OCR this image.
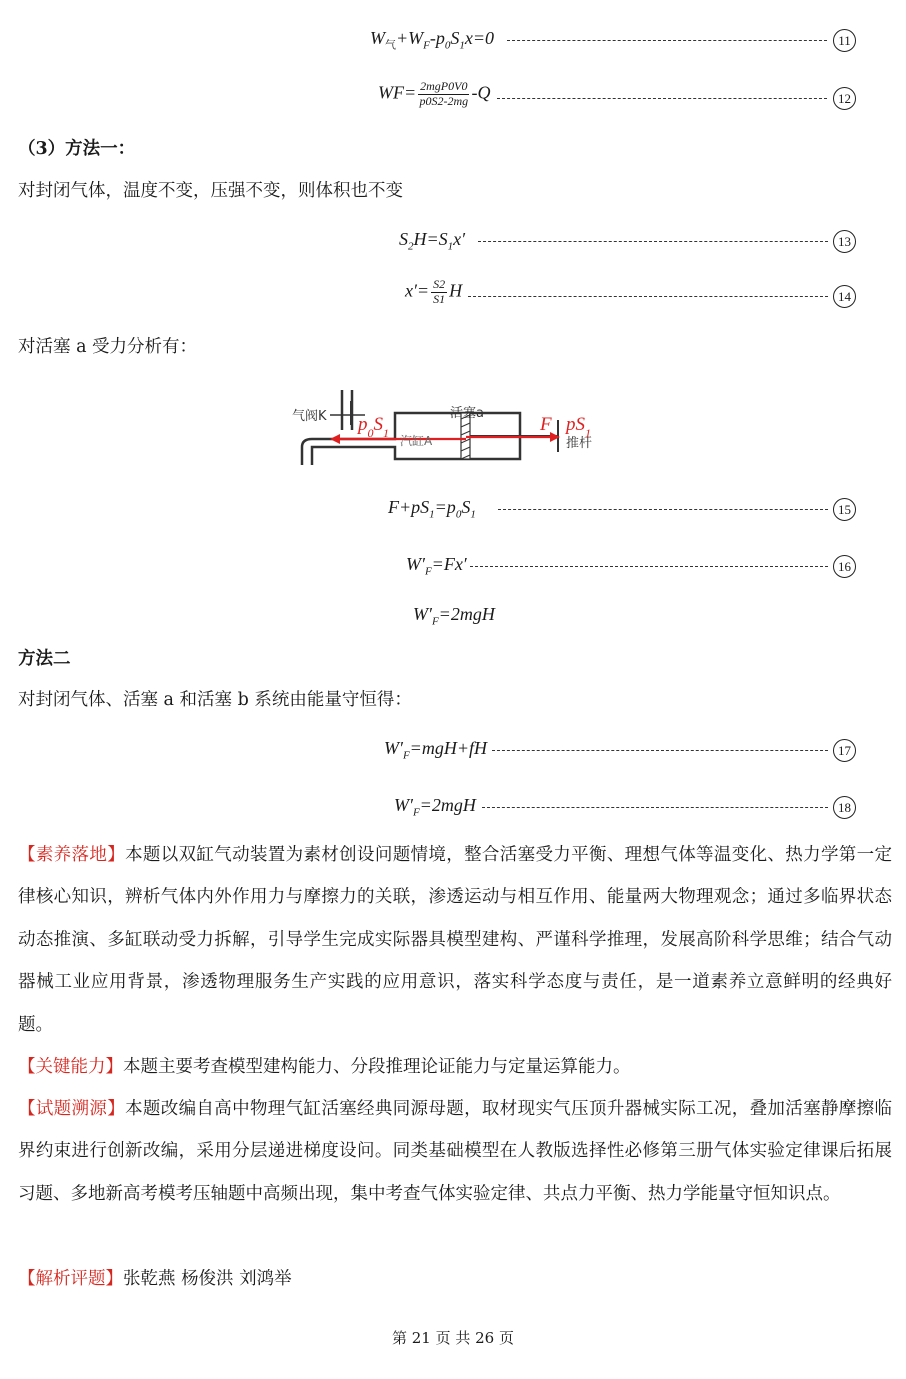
$W_气+W_F-p_0S_1x=0$	11
$WF= \frac{\text{2mgP0V0}}{p0S2-2mg} -Q$	12
（3）方法一：
对封闭气体，温度不变，压强不变，则体积也不变
$S_2H=S_1x'$	13
$x'= \frac{S2}{S1}$ H	14
对活塞 a 受力分析有：
气阀K	活塞a
汽缸A	推杆
$p_0S_1$	F $pS_1$
$F+pS_1=p_0S_1$	15
$W'_F=Fx'$	16
$W'_F=2mgH$
方法二
对封闭气体、活塞 a 和活塞 b 系统由能量守恒得：
$W'_F=mgH+fH$	17
$W'_F=2mgH$	18
【素养落地】本题以双缸气动装置为素材创设问题情境，整合活塞受力平衡、理想气体等温变化、热力学第一定律核心知识，辨析气体内外作用力与摩擦力的关联，渗透运动与相互作用、能量两大物理观念；通过多临界状态动态推演、多缸联动受力拆解，引导学生完成实际器具模型建构、严谨科学推理，发展高阶科学思维；结合气动器械工业应用背景，渗透物理服务生产实践的应用意识，落实科学态度与责任，是一道素养立意鲜明的经典好题。
【关键能力】本题主要考查模型建构能力、分段推理论证能力与定量运算能力。
【试题溯源】本题改编自高中物理气缸活塞经典同源母题，取材现实气压顶升器械实际工况，叠加活塞静摩擦临界约束进行创新改编，采用分层递进梯度设问。同类基础模型在人教版选择性必修第三册气体实验定律课后拓展习题、多地新高考模考压轴题中高频出现，集中考查气体实验定律、共点力平衡、热力学能量守恒知识点。
【解析评题】张乾燕 杨俊洪 刘鸿举
第 21 页 共 26 页
